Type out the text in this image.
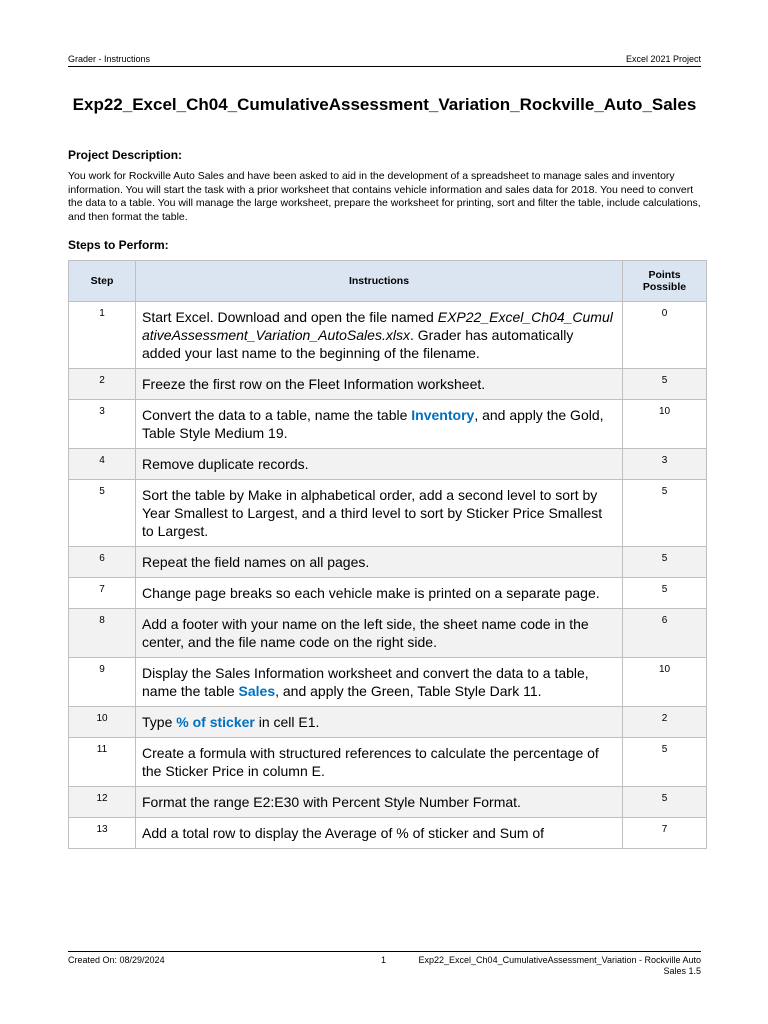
Grader - Instructions	Excel 2021 Project
Exp22_Excel_Ch04_CumulativeAssessment_Variation_Rockville_Auto_Sales
Project Description:
You work for Rockville Auto Sales and have been asked to aid in the development of a spreadsheet to manage sales and inventory information. You will start the task with a prior worksheet that contains vehicle information and sales data for 2018. You need to convert the data to a table. You will manage the large worksheet, prepare the worksheet for printing, sort and filter the table, include calculations, and then format the table.
Steps to Perform:
Step	Instructions	Points Possible
1	Start Excel. Download and open the file named EXP22_Excel_Ch04_CumulativeAssessment_Variation_AutoSales.xlsx. Grader has automatically added your last name to the beginning of the filename.	0
2	Freeze the first row on the Fleet Information worksheet.	5
3	Convert the data to a table, name the table Inventory, and apply the Gold, Table Style Medium 19.	10
4	Remove duplicate records.	3
5	Sort the table by Make in alphabetical order, add a second level to sort by Year Smallest to Largest, and a third level to sort by Sticker Price Smallest to Largest.	5
6	Repeat the field names on all pages.	5
7	Change page breaks so each vehicle make is printed on a separate page.	5
8	Add a footer with your name on the left side, the sheet name code in the center, and the file name code on the right side.	6
9	Display the Sales Information worksheet and convert the data to a table, name the table Sales, and apply the Green, Table Style Dark 11.	10
10	Type % of sticker in cell E1.	2
11	Create a formula with structured references to calculate the percentage of the Sticker Price in column E.	5
12	Format the range E2:E30 with Percent Style Number Format.	5
13	Add a total row to display the Average of % of sticker and Sum of	7
Created On: 08/29/2024	1	Exp22_Excel_Ch04_CumulativeAssessment_Variation - Rockville Auto Sales 1.5
